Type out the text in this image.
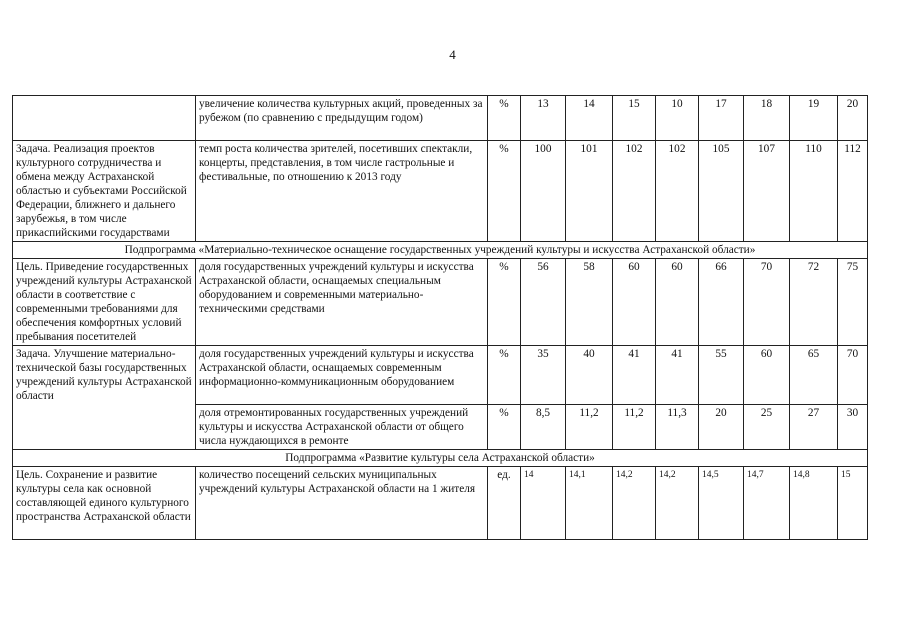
4
	увеличение количества культурных акций, проведенных за рубежом (по сравнению с предыдущим годом)	%	13	14	15	10	17	18	19	20
Задача. Реализация проектов культурного сотрудничества и обмена между Астраханской областью и субъектами Российской Федерации, ближнего и дальнего зарубежья, в том числе прикаспийскими государствами	темп роста количества зрителей, посетивших спектакли, концерты, представления, в том числе гастрольные и фестивальные, по отношению к 2013 году	%	100	101	102	102	105	107	110	112
Подпрограмма «Материально-техническое оснащение государственных учреждений культуры и искусства Астраханской области»										
Цель. Приведение государственных учреждений культуры Астраханской области в соответствие с современными требованиями для обеспечения комфортных условий пребывания посетителей	доля государственных учреждений культуры и искусства Астраханской области, оснащаемых специальным оборудованием и современными материально-техническими средствами	%	56	58	60	60	66	70	72	75
Задача. Улучшение материально-технической базы государственных учреждений культуры Астраханской области	доля государственных учреждений культуры и искусства Астраханской области, оснащаемых современным информационно-коммуникационным оборудованием	%	35	40	41	41	55	60	65	70
	доля отремонтированных государственных учреждений культуры и искусства Астраханской области от общего числа нуждающихся в ремонте	%	8,5	11,2	11,2	11,3	20	25	27	30
Подпрограмма «Развитие культуры села Астраханской области»										
Цель. Сохранение и развитие культуры села как основной составляющей единого культурного пространства Астраханской области	количество посещений сельских муниципальных учреждений культуры Астраханской области на 1 жителя	ед.	14	14,1	14,2	14,2	14,5	14,7	14,8	15
